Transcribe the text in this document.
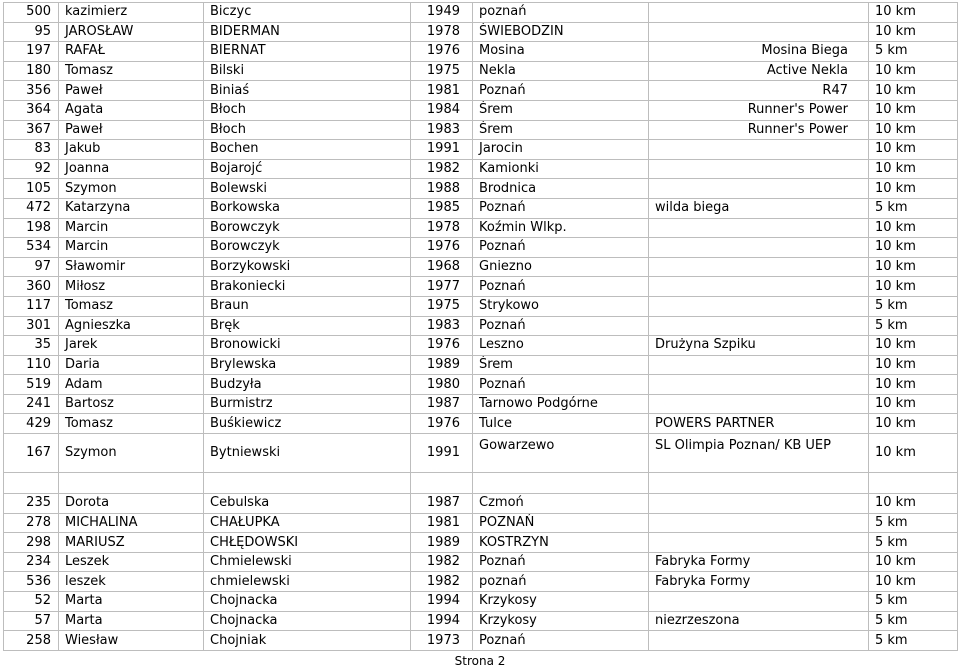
500	kazimierz	Biczyc	1949	poznań		10 km
95	JAROSŁAW	BIDERMAN	1978	ŚWIEBODZIN		10 km
197	RAFAŁ	BIERNAT	1976	Mosina	Mosina Biega	5 km
180	Tomasz	Bilski	1975	Nekla	Active Nekla	10 km
356	Paweł	Biniaś	1981	Poznań	R47	10 km
364	Agata	Błoch	1984	Śrem	Runner's Power	10 km
367	Paweł	Błoch	1983	Śrem	Runner's Power	10 km
83	Jakub	Bochen	1991	Jarocin		10 km
92	Joanna	Bojarojć	1982	Kamionki		10 km
105	Szymon	Bolewski	1988	Brodnica		10 km
472	Katarzyna	Borkowska	1985	Poznań	wilda biega	5 km
198	Marcin	Borowczyk	1978	Koźmin Wlkp.		10 km
534	Marcin	Borowczyk	1976	Poznań		10 km
97	Sławomir	Borzykowski	1968	Gniezno		10 km
360	Miłosz	Brakoniecki	1977	Poznań		10 km
117	Tomasz	Braun	1975	Strykowo		5 km
301	Agnieszka	Bręk	1983	Poznań		5 km
35	Jarek	Bronowicki	1976	Leszno	Drużyna Szpiku	10 km
110	Daria	Brylewska	1989	Śrem		10 km
519	Adam	Budzyła	1980	Poznań		10 km
241	Bartosz	Burmistrz	1987	Tarnowo Podgórne		10 km
429	Tomasz	Buśkiewicz	1976	Tulce	POWERS PARTNER	10 km
167	Szymon	Bytniewski	1991	Gowarzewo	SL Olimpia Poznan/ KB UEP	10 km

235	Dorota	Cebulska	1987	Czmoń		10 km
278	MICHALINA	CHAŁUPKA	1981	POZNAŃ		5 km
298	MARIUSZ	CHŁĘDOWSKI	1989	KOSTRZYN		5 km
234	Leszek	Chmielewski	1982	Poznań	Fabryka Formy	10 km
536	leszek	chmielewski	1982	poznań	Fabryka Formy	10 km
52	Marta	Chojnacka	1994	Krzykosy		5 km
57	Marta	Chojnacka	1994	Krzykosy	niezrzeszona	5 km
258	Wiesław	Chojniak	1973	Poznań		5 km
Strona 2
